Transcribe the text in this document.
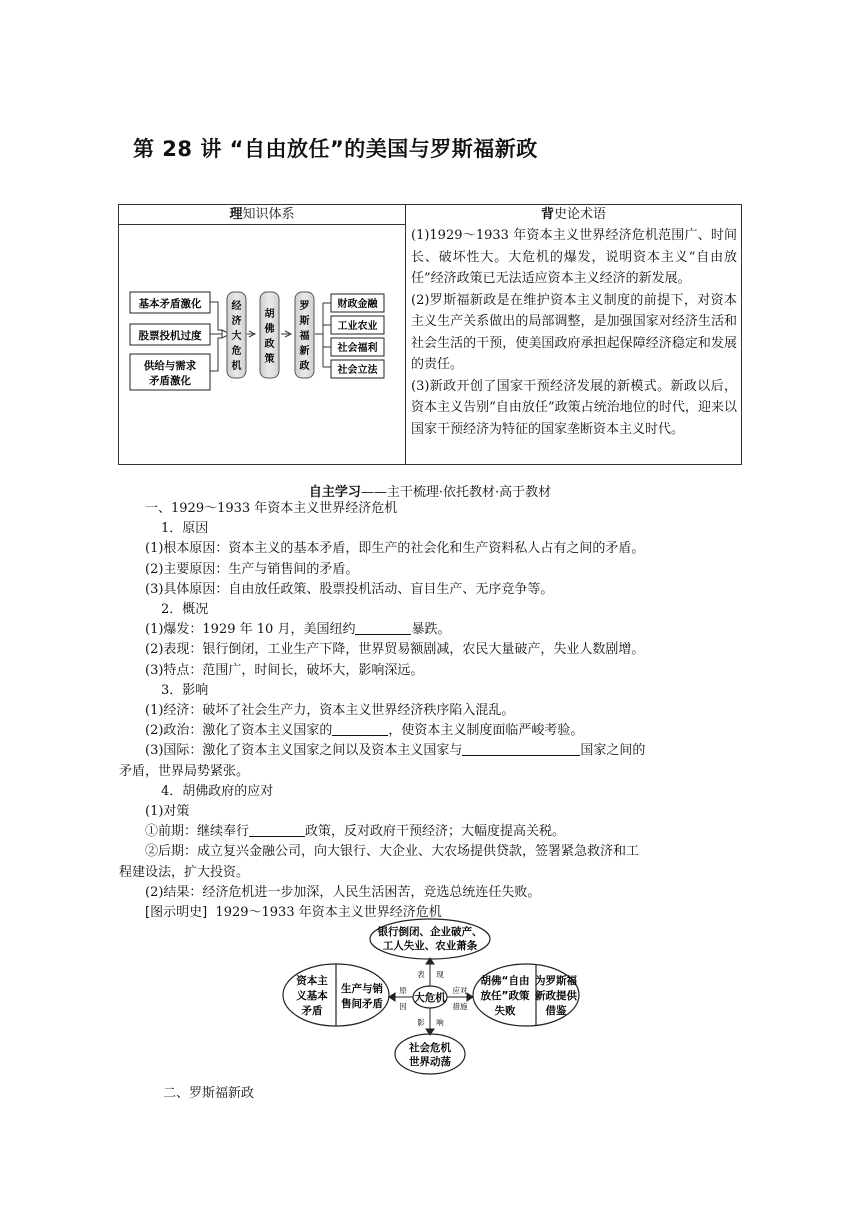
第 28 讲 “自由放任”的美国与罗斯福新政
理知识体系	背史论术语
(1)1929～1933 年资本主义世界经济危机范围广、时间长、破坏性大。大危机的爆发，说明资本主义“自由放任”经济政策已无法适应资本主义经济的新发展。
(2)罗斯福新政是在维护资本主义制度的前提下，对资本主义生产关系做出的局部调整，是加强国家对经济生活和社会生活的干预，使美国政府承担起保障经济稳定和发展的责任。
(3)新政开创了国家干预经济发展的新模式。新政以后，资本主义告别“自由放任”政策占统治地位的时代，迎来以国家干预经济为特征的国家垄断资本主义时代。

基本矛盾激化
股票投机过度
供给与需求
矛盾激化
经
济
大
危
机
胡
佛
政
策
罗
斯
福
新
政
财政金融
工业农业
社会福利
社会立法
自主学习——主干梳理·依托教材·高于教材

一、1929～1933 年资本主义世界经济危机

1．原因

(1)根本原因：资本主义的基本矛盾，即生产的社会化和生产资料私人占有之间的矛盾。

(2)主要原因：生产与销售间的矛盾。

(3)具体原因：自由放任政策、股票投机活动、盲目生产、无序竞争等。

2．概况

(1)爆发：1929 年 10 月，美国纽约	暴跌。

(2)表现：银行倒闭，工业生产下降，世界贸易额剧减，农民大量破产，失业人数剧增。

(3)特点：范围广，时间长，破坏大，影响深远。

3．影响

(1)经济：破坏了社会生产力，资本主义世界经济秩序陷入混乱。

(2)政治：激化了资本主义国家的	，使资本主义制度面临严峻考验。

(3)国际：激化了资本主义国家之间以及资本主义国家与	国家之间的

矛盾，世界局势紧张。

4．胡佛政府的应对

(1)对策

①前期：继续奉行	政策，反对政府干预经济；大幅度提高关税。

②后期：成立复兴金融公司，向大银行、大企业、大农场提供贷款，签署紧急救济和工

程建设法，扩大投资。

(2)结果：经济危机进一步加深，人民生活困苦，竞选总统连任失败。

[图示明史] 1929～1933 年资本主义世界经济危机

银行倒闭、企业破产、
工人失业、农业萧条
资本主
义基本
矛盾
生产与销
售间矛盾	大危机
胡佛“自由
放任”政策
失败
为罗斯福
新政提供
借鉴
社会危机
世界动荡
表 现
影 响
原
因
应对
措施
二、罗斯福新政
